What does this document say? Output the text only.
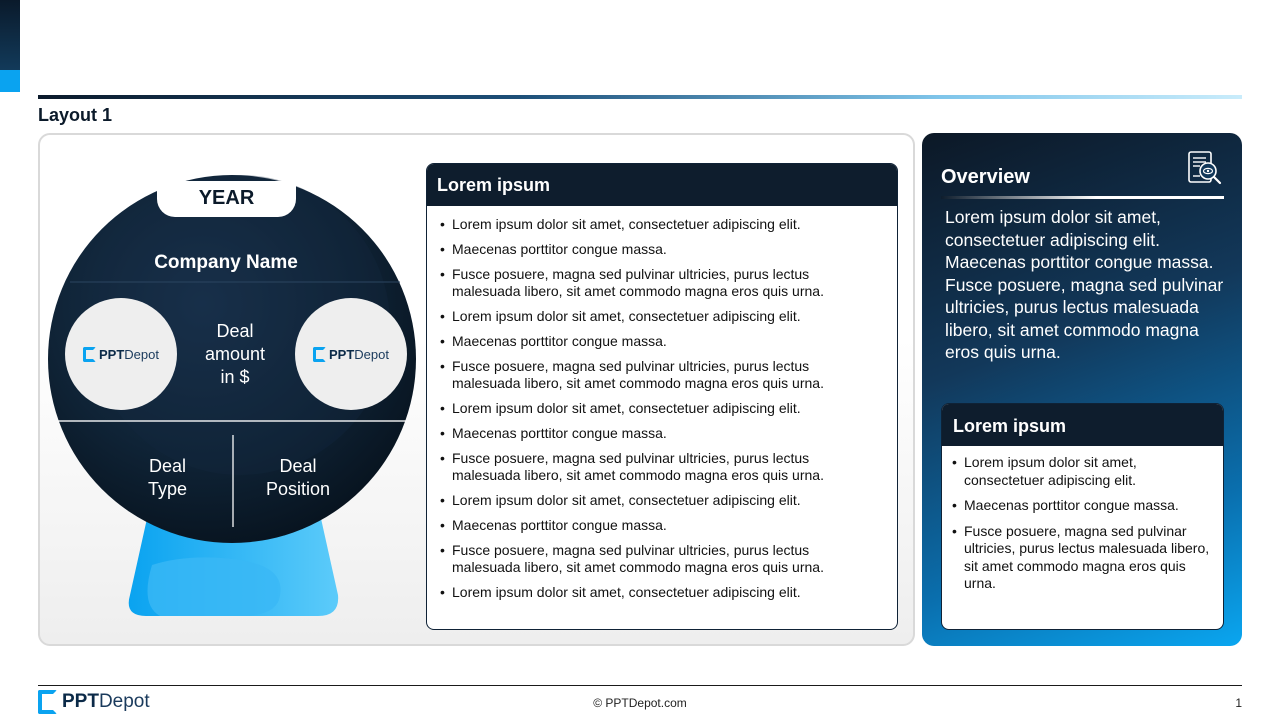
Layout 1
YEAR
Company Name
PPTDepot	PPTDepot
Deal
amount
in $
Deal
Type
Deal
Position
Lorem ipsum
• Lorem ipsum dolor sit amet, consectetuer adipiscing elit.
• Maecenas porttitor congue massa.
• Fusce posuere, magna sed pulvinar ultricies, purus lectus malesuada libero, sit amet commodo magna eros quis urna.
• Lorem ipsum dolor sit amet, consectetuer adipiscing elit.
• Maecenas porttitor congue massa.
• Fusce posuere, magna sed pulvinar ultricies, purus lectus malesuada libero, sit amet commodo magna eros quis urna.
• Lorem ipsum dolor sit amet, consectetuer adipiscing elit.
• Maecenas porttitor congue massa.
• Fusce posuere, magna sed pulvinar ultricies, purus lectus malesuada libero, sit amet commodo magna eros quis urna.
• Lorem ipsum dolor sit amet, consectetuer adipiscing elit.
• Maecenas porttitor congue massa.
• Fusce posuere, magna sed pulvinar ultricies, purus lectus malesuada libero, sit amet commodo magna eros quis urna.
• Lorem ipsum dolor sit amet, consectetuer adipiscing elit.
Overview
Lorem ipsum dolor sit amet, consectetuer adipiscing elit. Maecenas porttitor congue massa. Fusce posuere, magna sed pulvinar ultricies, purus lectus malesuada libero, sit amet commodo magna eros quis urna.
Lorem ipsum
• Lorem ipsum dolor sit amet, consectetuer adipiscing elit.
• Maecenas porttitor congue massa.
• Fusce posuere, magna sed pulvinar ultricies, purus lectus malesuada libero, sit amet commodo magna eros quis urna.
PPTDepot	© PPTDepot.com	1
